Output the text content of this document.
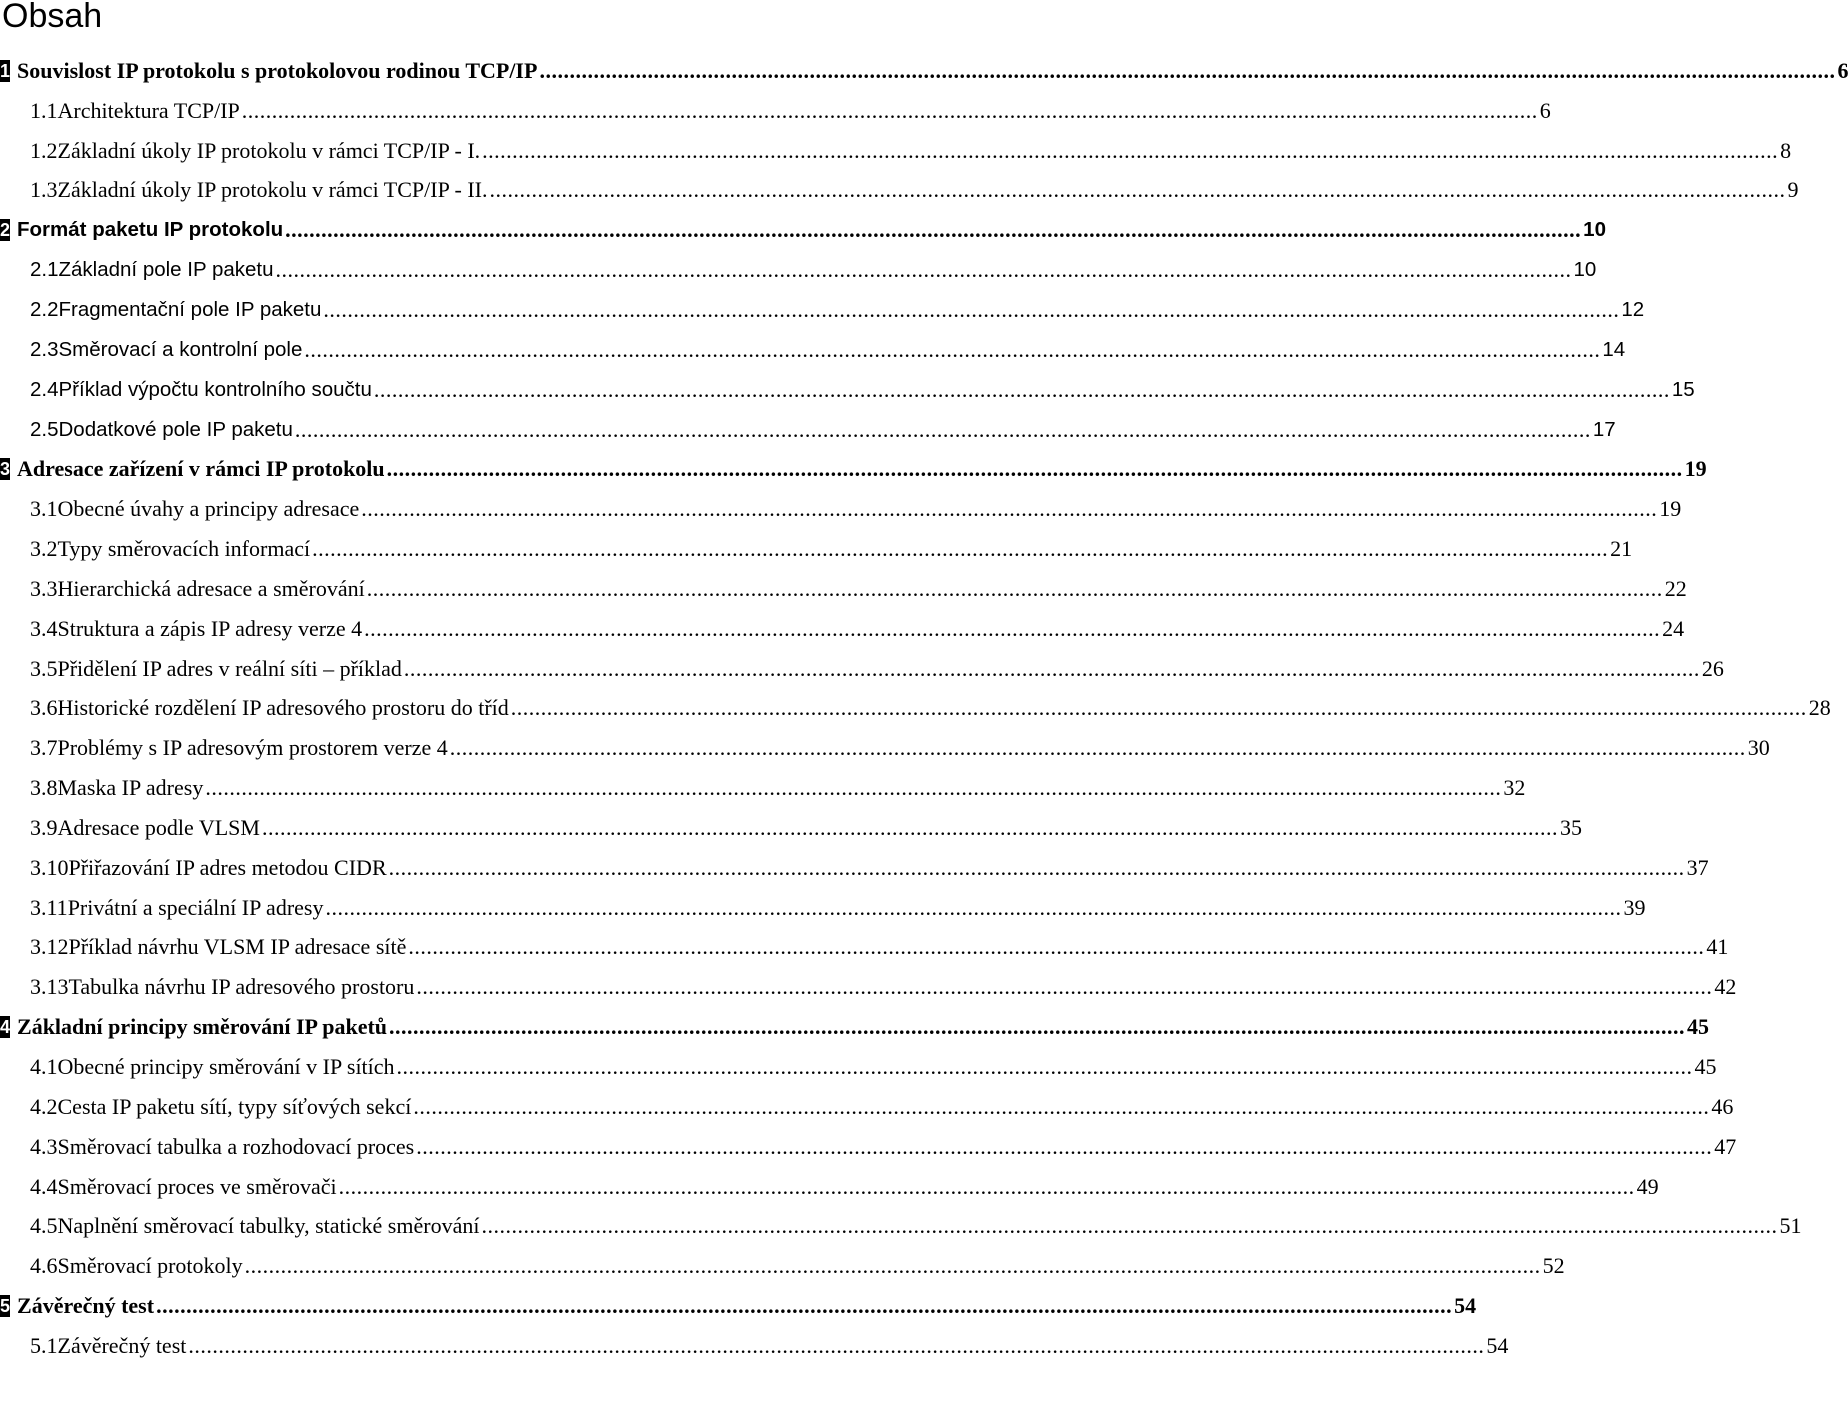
Obsah
1 Souvislost IP protokolu s protokolovou rodinou TCP/IP .....	6
1.1 Architektura TCP/IP .....	6
1.2 Základní úkoly IP protokolu v rámci TCP/IP - I. .....	8
1.3 Základní úkoly IP protokolu v rámci TCP/IP - II. .....	9
2 Formát paketu IP protokolu .....	10
2.1 Základní pole IP paketu .....	10
2.2 Fragmentační pole IP paketu .....	12
2.3 Směrovací a kontrolní pole .....	14
2.4 Příklad výpočtu kontrolního součtu .....	15
2.5 Dodatkové pole IP paketu .....	17
3 Adresace zařízení v rámci IP protokolu .....	19
3.1 Obecné úvahy a principy adresace .....	19
3.2 Typy směrovacích informací .....	21
3.3 Hierarchická adresace a směrování .....	22
3.4 Struktura a zápis IP adresy verze 4 .....	24
3.5 Přidělení IP adres v reální síti – příklad .....	26
3.6 Historické rozdělení IP adresového prostoru do tříd .....	28
3.7 Problémy s IP adresovým prostorem verze 4 .....	30
3.8 Maska IP adresy .....	32
3.9 Adresace podle VLSM .....	35
3.10 Přiřazování IP adres metodou CIDR .....	37
3.11 Privátní a speciální IP adresy .....	39
3.12 Příklad návrhu VLSM IP adresace sítě .....	41
3.13 Tabulka návrhu IP adresového prostoru .....	42
4 Základní principy směrování IP paketů .....	45
4.1 Obecné principy směrování v IP sítích .....	45
4.2 Cesta IP paketu sítí, typy síťových sekcí .....	46
4.3 Směrovací tabulka a rozhodovací proces .....	47
4.4 Směrovací proces ve směrovači .....	49
4.5 Naplnění směrovací tabulky, statické směrování .....	51
4.6 Směrovací protokoly .....	52
5 Závěrečný test .....	54
5.1 Závěrečný test .....	54
